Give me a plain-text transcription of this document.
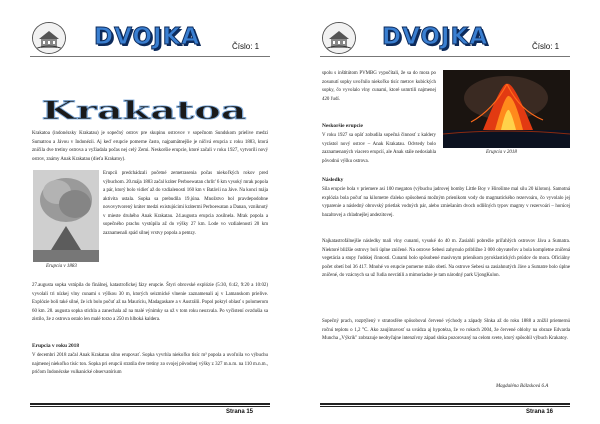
DVOJKA	Číslo: 1
Krakatoa
Krakatoa (indonézsky Krakatau) je sopečný ostrov pre skupinu ostrovov v sopečnom Sundskom prielive medzi Sumatrou a Jávou v Indonézii. Aj keď erupcie pomerne často, najpamätnejšie je ničivá erupcia z roku 1883, ktorá zničila dve tretiny ostrova a vyžiadala počas nej celý Zemi. Neskoršie erupcie, ktoré začali v roku 1927, vytvorili nový ostrov, známy Anak Krakatau (dieťa Krakatoy).
Erupcia v 1883
Erupcii predchádzali početné zemetrasenia počas niekoľkých rokov pred výbuchom. 20.mája 1883 začal kráter Perboewatan chrlit' 6 km vysoký mrak popola a pár, ktorý bolo vidieť až do vzdialenosti 160 km v Batávii na Jáve. Na konci mája aktivita ustala. Sopka sa prebudila 19.júna. Množstvo bol pravdepodobne novovytvorený kráter medzi existujúcimi krátermi Perboewatan a Danan, vzniknutý v mieste druhého Anak Krakatau. 24.augusta erupcia zosilnela. Mrak popola a sopečného prachu vystúpila až do výšky 27 km. Lode vo vzdialenosti 20 km zaznamenali spád silnej vrstvy popola a pemzy.
27.augusta sopka vstúpila do finálnej, katastrofickej fázy erupcie. Štyri obrovské explózie (5:30, 6:42, 9:20 a 10:02) vyvolali tri nízkej vlny cunami s výškou 30 m, ktorých seizmické vlnenie zaznamenali aj v Lamanskom prielive. Explózie boli také silné, že ich bolo počuť až na Mauríciu, Madagaskare a v Austrálii. Popol pokryl oblasť s polomerom 60 km. 28. augusta sopka stichla a zanechala až na malé výnimky sa už v tom roku neozvala. Po vyčistení ovzdušia sa zistilo, že z ostrova ostalo len malé torzo a 250 m hlboká kaldera.
Erupcia v roku 2018
V decembri 2018 začal Anak Krakatau silno erupovať. Sopka vyvrhla niekoľko tisíc m³ popola a uvoľnila vo výbuchu najmenej niekoľko tisíc ton. Sopka pri erupcii stratila dve tretiny zo svojej pôvodnej výšky z 327 m.n.m. na 110 m.n.m., pričom Indonézske vulkanické observatórium
Strana 15
DVOJKA	Číslo: 1
spolu s inštitútom PVMBG vypočítali, že sa do mora po zosunutí sopky uvoľnilo niekoľko tisíc metrov kubických sopky, čo vyvolalo vlny cunami, ktoré usmrtili najmenej 420 ľudí.
Erupcia v 2018
Neskoršie erupcie
V roku 1927 sa opäť zobudila sopečná činnosť z kaldery vyrástol nový ostrov – Anak Krakatau. Odvtedy bolo zaznamenaných viacero erupcií, ale Anak stále nedosiahla pôvodnú výšku ostrova.
Následky
Sila erupcie bola v priemere asi 100 megaton (výbuchu jadrovej bomby Little Boy v Hirošime mal silu 20 kiloton). Samotná explózia bola počuť na kilometre ďaleko spôsobená možným prienikom vody do magmatického rezervoáru, čo vyvolalo jej vyparenie a následný obrovský prietlak vodných pár, alebo zmiešaním dvoch odlišných typov magmy v rezervoári – horúcej bazaltovej a chladnejšej andezitovej.
Najkatastrofálnejšie následky mali vlny cunami, vysoké do 40 m. Zasiahli pobrežie priľahlých ostrovov Jáva a Sumatra. Niektoré bližšie ostrovy boli úplne zničené. Na ostrove Sebesi zahynulo približne 3 000 obyvateľov a bola kompletne zničená vegetácia a stopy ľudskej činnosti. Cunami bolo spôsobené masívnym prienikom pyroklastických prúdov do mora. Oficiálny počet obetí bol 36 417. Mnohé vo erupcie pomerne málo obetí. Na ostrove Sebesi sa zasiahnutých Jáve a Sumatre bolo úplne zničené, do vzácnych sa už ľudia nevrátili a mimoriadne je tam národný park UjongKulon.
Sopečný prach, rozptýlený v stratosfére spôsoboval červené východy a západy Slnka až do roku 1888 a znížil priemernú ročnú teplotu o 1,2 °C. Ako zaujímavosť sa uvádza aj hypotéza, že vo rokoch 2004, že červené oblohy na obraze Edvarda Muncha „Výkrik" zobrazuje neobyčajne intenzívny západ slnka pozorovaný na celom svete, ktorý spôsobil výbuch Krakatoy.
Magdaléna Bálzsková 6.A
Strana 16
